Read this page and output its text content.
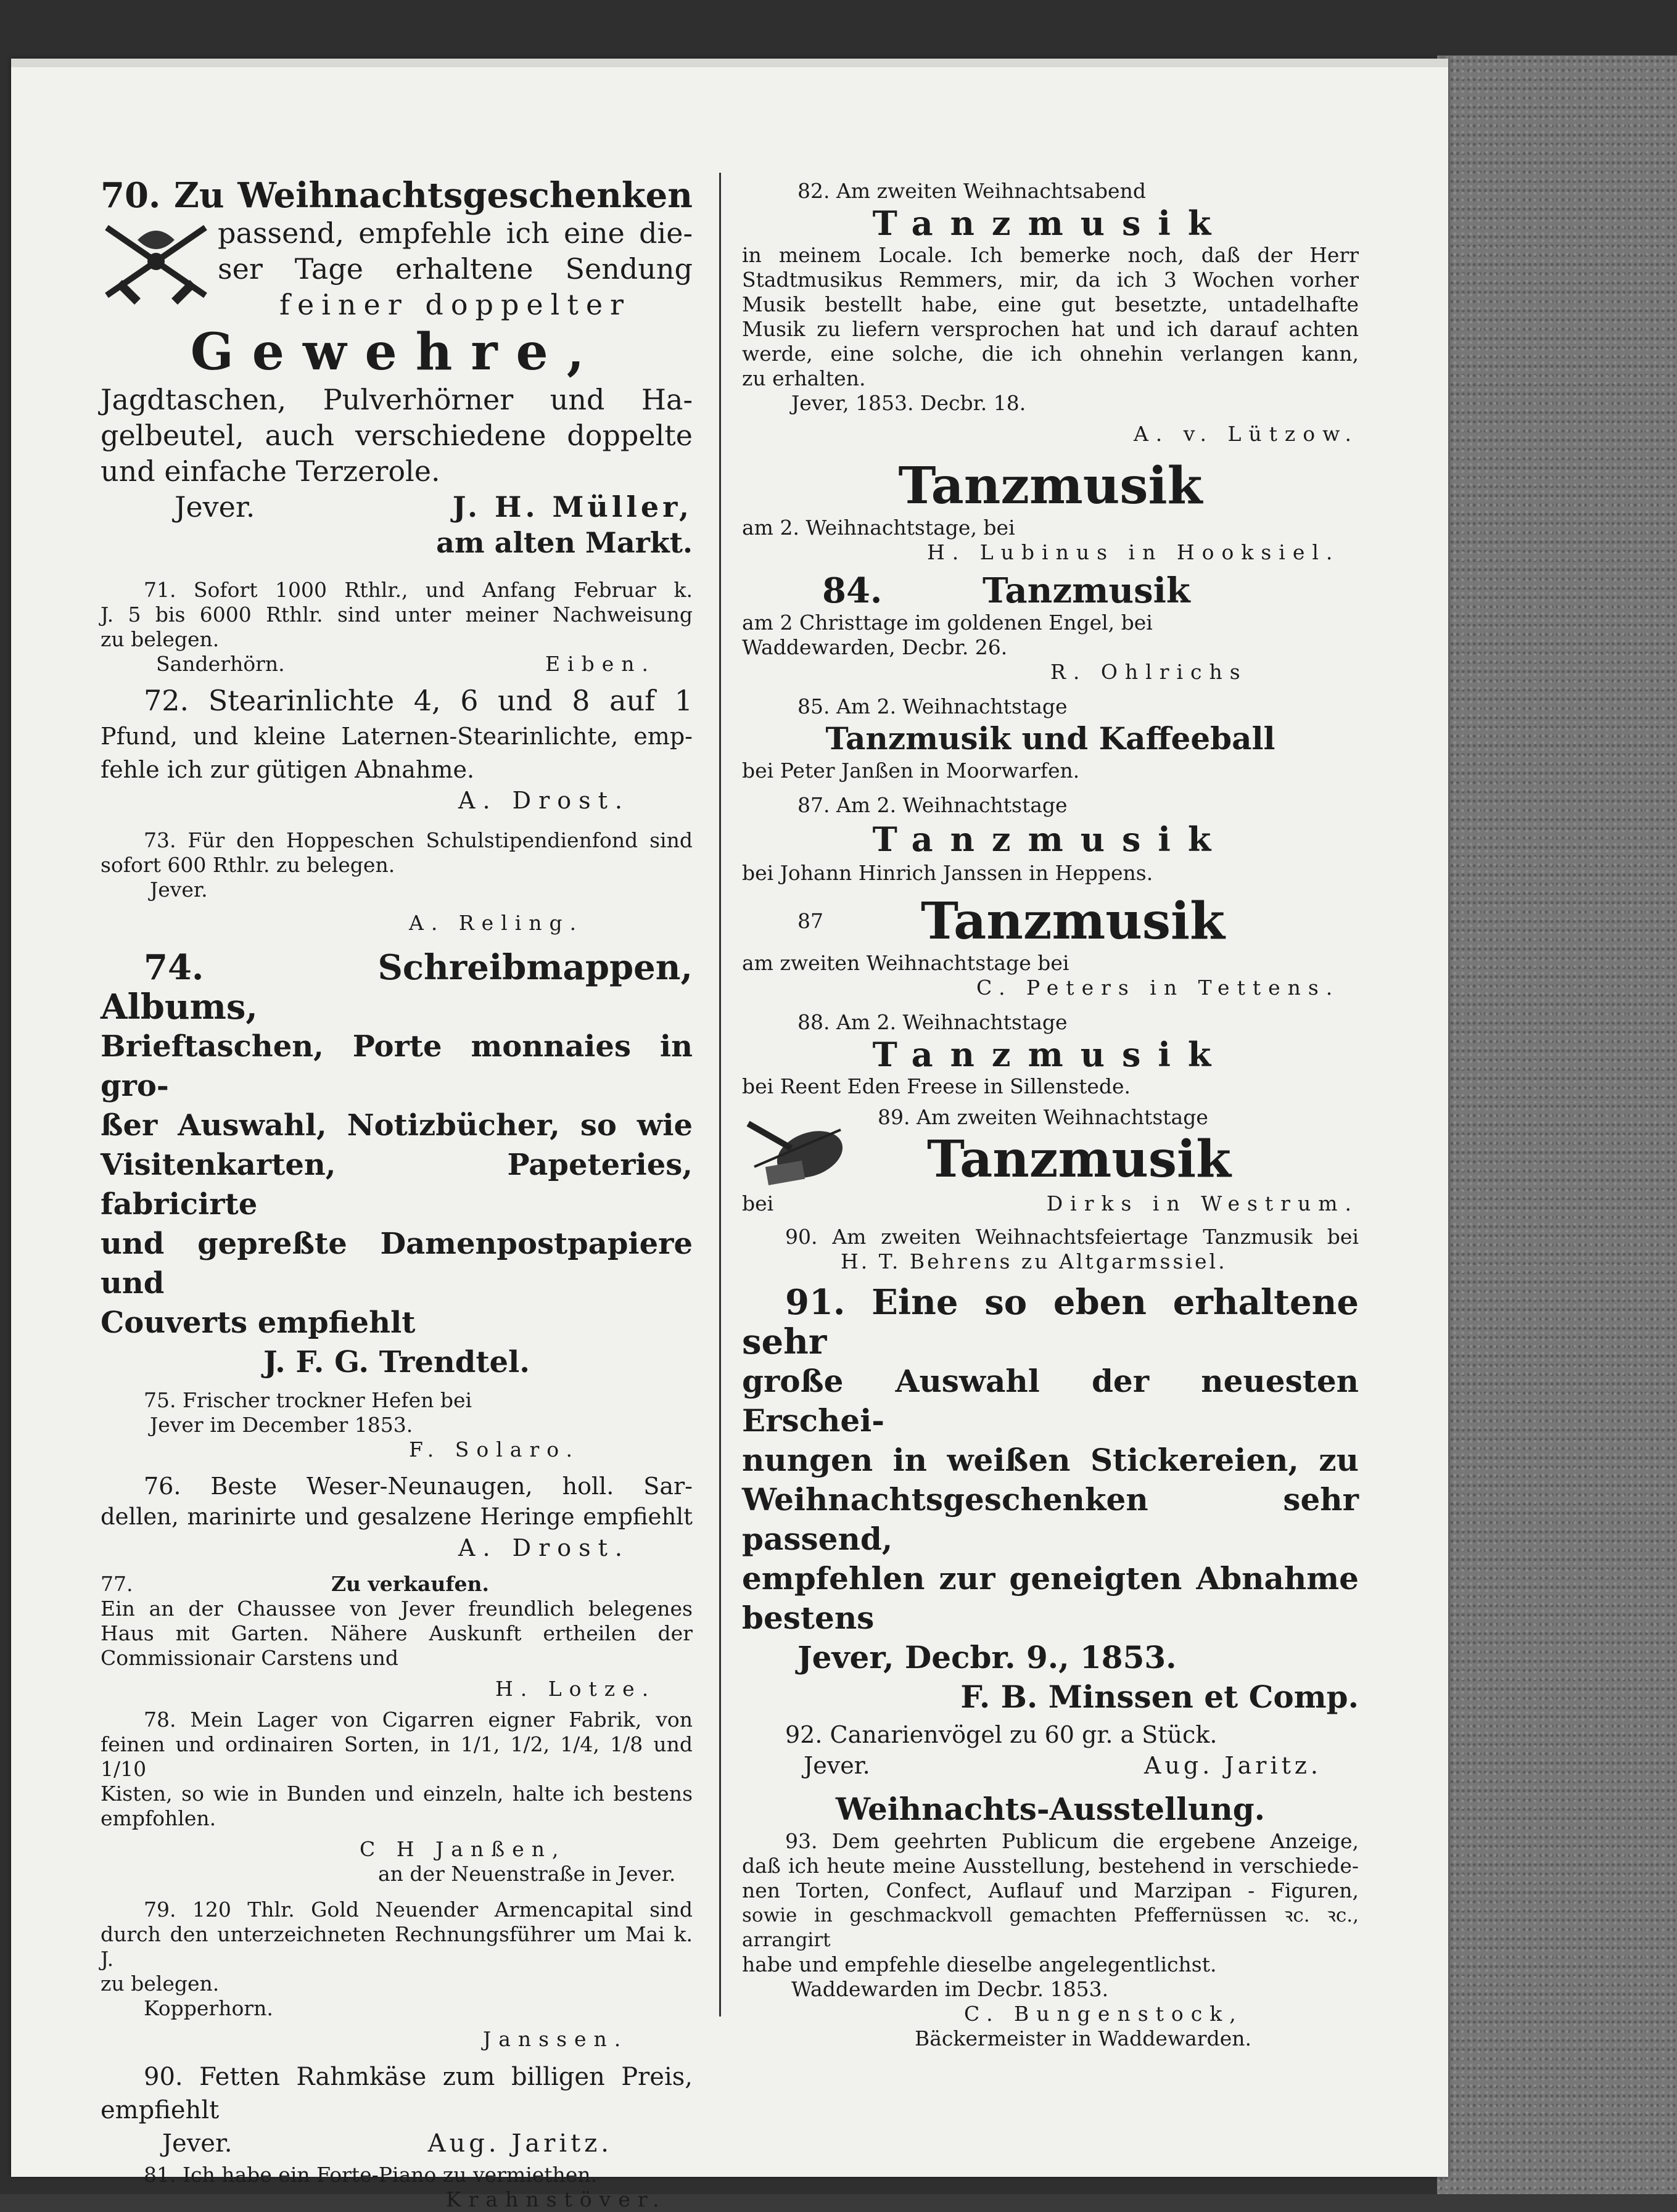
70. Zu Weihnachtsgeschenken

passend, empfehle ich eine die-

ser Tage erhaltene Sendung

feiner doppelter

Gewehre,

Jagdtaschen, Pulverhörner und Ha-

gelbeutel, auch verschiedene doppelte

und einfache Terzerole.

Jever.	J. H. Müller,

am alten Markt.

71. Sofort 1000 Rthlr., und Anfang Februar k.

J. 5 bis 6000 Rthlr. sind unter meiner Nachweisung

zu belegen.

Sanderhörn.	Eiben.

72. Stearinlichte 4, 6 und 8 auf 1

Pfund, und kleine Laternen-Stearinlichte, emp-

fehle ich zur gütigen Abnahme.

A. Drost.

73. Für den Hoppeschen Schulstipendienfond sind

sofort 600 Rthlr. zu belegen.

Jever.

A. Reling.

74. Schreibmappen, Albums,

Brieftaschen, Porte monnaies in gro-

ßer Auswahl, Notizbücher, so wie

Visitenkarten, Papeteries, fabricirte

und gepreßte Damenpostpapiere und

Couverts empfiehlt

J. F. G. Trendtel.

75. Frischer trockner Hefen bei

Jever im December 1853.

F. Solaro.

76. Beste Weser-Neunaugen, holl. Sar-

dellen, marinirte und gesalzene Heringe empfiehlt

A. Drost.

77.	Zu verkaufen.

Ein an der Chaussee von Jever freundlich belegenes

Haus mit Garten. Nähere Auskunft ertheilen der

Commissionair Carstens und

H. Lotze.

78. Mein Lager von Cigarren eigner Fabrik, von

feinen und ordinairen Sorten, in 1/1, 1/2, 1/4, 1/8 und 1/10

Kisten, so wie in Bunden und einzeln, halte ich bestens

empfohlen.

C H Janßen,

an der Neuenstraße in Jever.

79. 120 Thlr. Gold Neuender Armencapital sind

durch den unterzeichneten Rechnungsführer um Mai k. J.

zu belegen.

Kopperhorn.

Janssen.

90. Fetten Rahmkäse zum billigen Preis,

empfiehlt

Jever.	Aug. Jaritz.

81. Ich habe ein Forte-Piano zu vermiethen.

Krahnstöver.

82. Am zweiten Weihnachtsabend

Tanzmusik

in meinem Locale. Ich bemerke noch, daß der Herr

Stadtmusikus Remmers, mir, da ich 3 Wochen vorher

Musik bestellt habe, eine gut besetzte, untadelhafte

Musik zu liefern versprochen hat und ich darauf achten

werde, eine solche, die ich ohnehin verlangen kann,

zu erhalten.

Jever, 1853. Decbr. 18.

A. v. Lützow.

Tanzmusik

am 2. Weihnachtstage, bei

H. Lubinus in Hooksiel.

84.	Tanzmusik

am 2 Christtage im goldenen Engel, bei

Waddewarden, Decbr. 26.

R. Ohlrichs

85. Am 2. Weihnachtstage

Tanzmusik und Kaffeeball

bei Peter Janßen in Moorwarfen.

87. Am 2. Weihnachtstage

Tanzmusik

bei Johann Hinrich Janssen in Heppens.

87	Tanzmusik

am zweiten Weihnachtstage bei

C. Peters in Tettens.

88. Am 2. Weihnachtstage

Tanzmusik

bei Reent Eden Freese in Sillenstede.

89. Am zweiten Weihnachtstage

Tanzmusik

bei	Dirks in Westrum.

90. Am zweiten Weihnachtsfeiertage Tanzmusik bei

H. T. Behrens zu Altgarmssiel.

91. Eine so eben erhaltene sehr

große Auswahl der neuesten Erschei-

nungen in weißen Stickereien, zu

Weihnachtsgeschenken sehr passend,

empfehlen zur geneigten Abnahme

bestens

Jever, Decbr. 9., 1853.

F. B. Minssen et Comp.

92. Canarienvögel zu 60 gr. a Stück.

Jever.	Aug. Jaritz.

Weihnachts-Ausstellung.

93. Dem geehrten Publicum die ergebene Anzeige,

daß ich heute meine Ausstellung, bestehend in verschiede-

nen Torten, Confect, Auflauf und Marzipan - Figuren,

sowie in geschmackvoll gemachten Pfeffernüssen ꝛc. ꝛc., arrangirt

habe und empfehle dieselbe angelegentlichst.

Waddewarden im Decbr. 1853.

C. Bungenstock,

Bäckermeister in Waddewarden.
